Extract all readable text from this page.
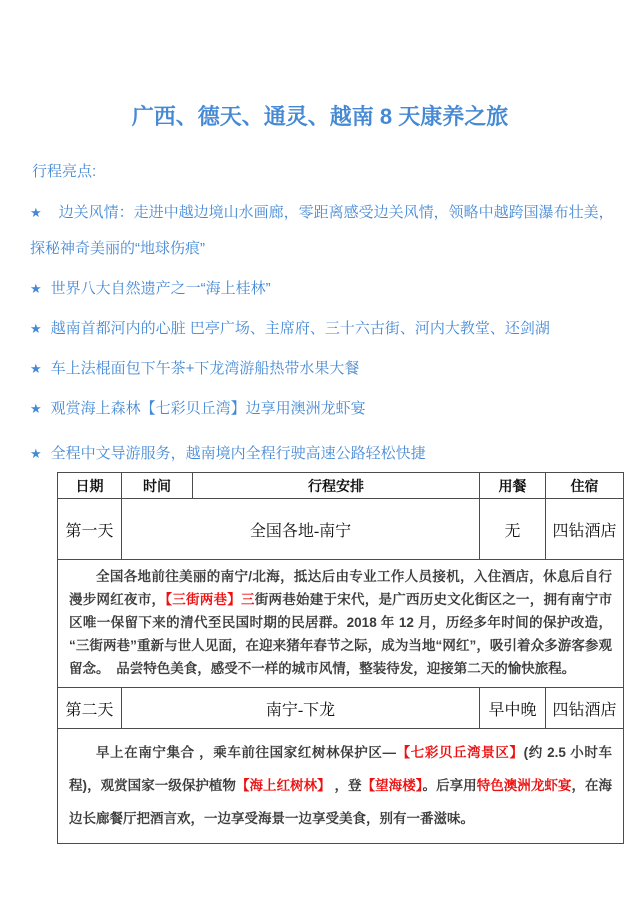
广西、德天、通灵、越南 8 天康养之旅
行程亮点:
★ 边关风情：走进中越边境山水画廊，零距离感受边关风情，领略中越跨国瀑布壮美，探秘神奇美丽的“地球伤痕”
★ 世界八大自然遗产之一“海上桂林”
★ 越南首都河内的心脏 巴亭广场、主席府、三十六古街、河内大教堂、还剑湖
★ 车上法棍面包下午茶+下龙湾游船热带水果大餐
★ 观赏海上森林【七彩贝丘湾】边享用澳洲龙虾宴
★ 全程中文导游服务，越南境内全程行驶高速公路轻松快捷
日期	时间	行程安排	用餐	住宿
第一天	全国各地-南宁		无	四钻酒店

全国各地前往美丽的南宁/北海，抵达后由专业工作人员接机，入住酒店，休息后自行漫步网红夜市，【三街两巷】三街两巷始建于宋代，是广西历史文化街区之一，拥有南宁市区唯一保留下来的清代至民国时期的民居群。2018 年 12 月，历经多年时间的保护改造，“三街两巷”重新与世人见面，在迎来猪年春节之际，成为当地“网红”，吸引着众多游客参观留念。　品尝特色美食，感受不一样的城市风情，整装待发，迎接第二天的愉快旅程。				

第二天	南宁-下龙		早中晚	四钻酒店

早上在南宁集合 ，乘车前往国家红树林保护区—【七彩贝丘湾景区】(约 2.5 小时车程)，观赏国家一级保护植物【海上红树林】 ，登【望海楼】。后享用特色澳洲龙虾宴，在海边长廊餐厅把酒言欢，一边享受海景一边享受美食，别有一番滋味。				
